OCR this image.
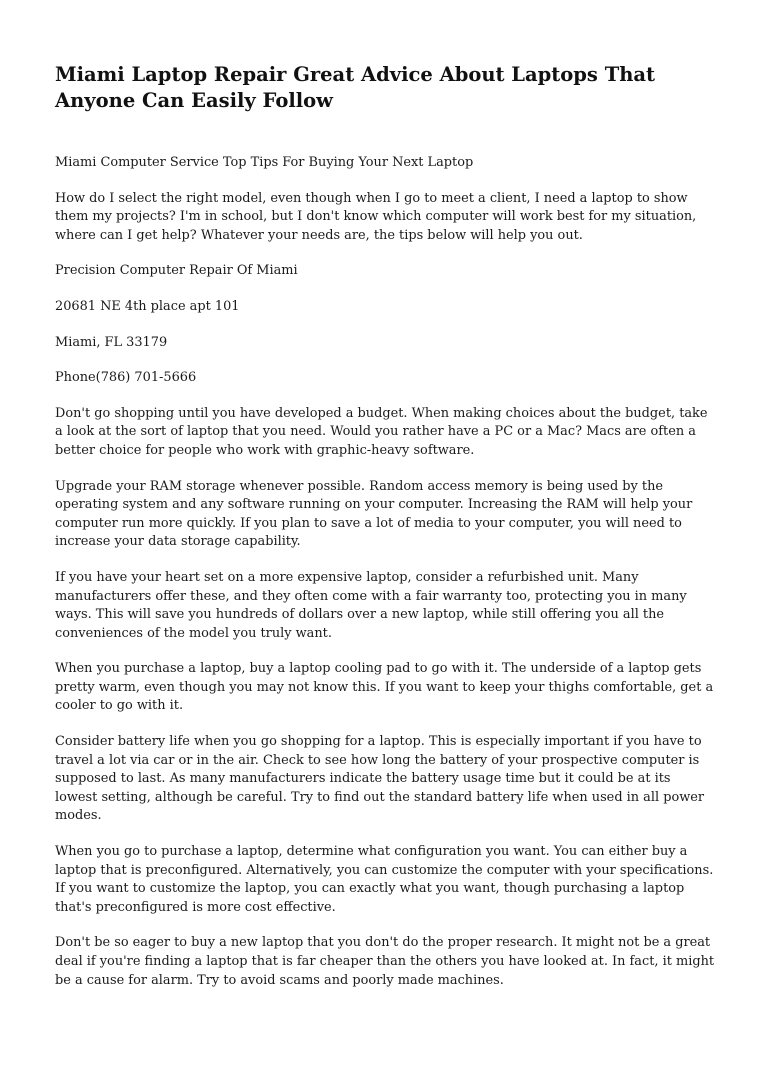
Miami Laptop Repair Great Advice About Laptops That Anyone Can Easily Follow

Miami Computer Service Top Tips For Buying Your Next Laptop

How do I select the right model, even though when I go to meet a client, I need a laptop to show them my projects? I'm in school, but I don't know which computer will work best for my situation, where can I get help? Whatever your needs are, the tips below will help you out.

Precision Computer Repair Of Miami

20681 NE 4th place apt 101

Miami, FL 33179

Phone(786) 701-5666

Don't go shopping until you have developed a budget. When making choices about the budget, take a look at the sort of laptop that you need. Would you rather have a PC or a Mac? Macs are often a better choice for people who work with graphic-heavy software.

Upgrade your RAM storage whenever possible. Random access memory is being used by the operating system and any software running on your computer. Increasing the RAM will help your computer run more quickly. If you plan to save a lot of media to your computer, you will need to increase your data storage capability.

If you have your heart set on a more expensive laptop, consider a refurbished unit. Many manufacturers offer these, and they often come with a fair warranty too, protecting you in many ways. This will save you hundreds of dollars over a new laptop, while still offering you all the conveniences of the model you truly want.

When you purchase a laptop, buy a laptop cooling pad to go with it. The underside of a laptop gets pretty warm, even though you may not know this. If you want to keep your thighs comfortable, get a cooler to go with it.

Consider battery life when you go shopping for a laptop. This is especially important if you have to travel a lot via car or in the air. Check to see how long the battery of your prospective computer is supposed to last. As many manufacturers indicate the battery usage time but it could be at its lowest setting, although be careful. Try to find out the standard battery life when used in all power modes.

When you go to purchase a laptop, determine what configuration you want. You can either buy a laptop that is preconfigured. Alternatively, you can customize the computer with your specifications. If you want to customize the laptop, you can exactly what you want, though purchasing a laptop that's preconfigured is more cost effective.

Don't be so eager to buy a new laptop that you don't do the proper research. It might not be a great deal if you're finding a laptop that is far cheaper than the others you have looked at. In fact, it might be a cause for alarm. Try to avoid scams and poorly made machines.
